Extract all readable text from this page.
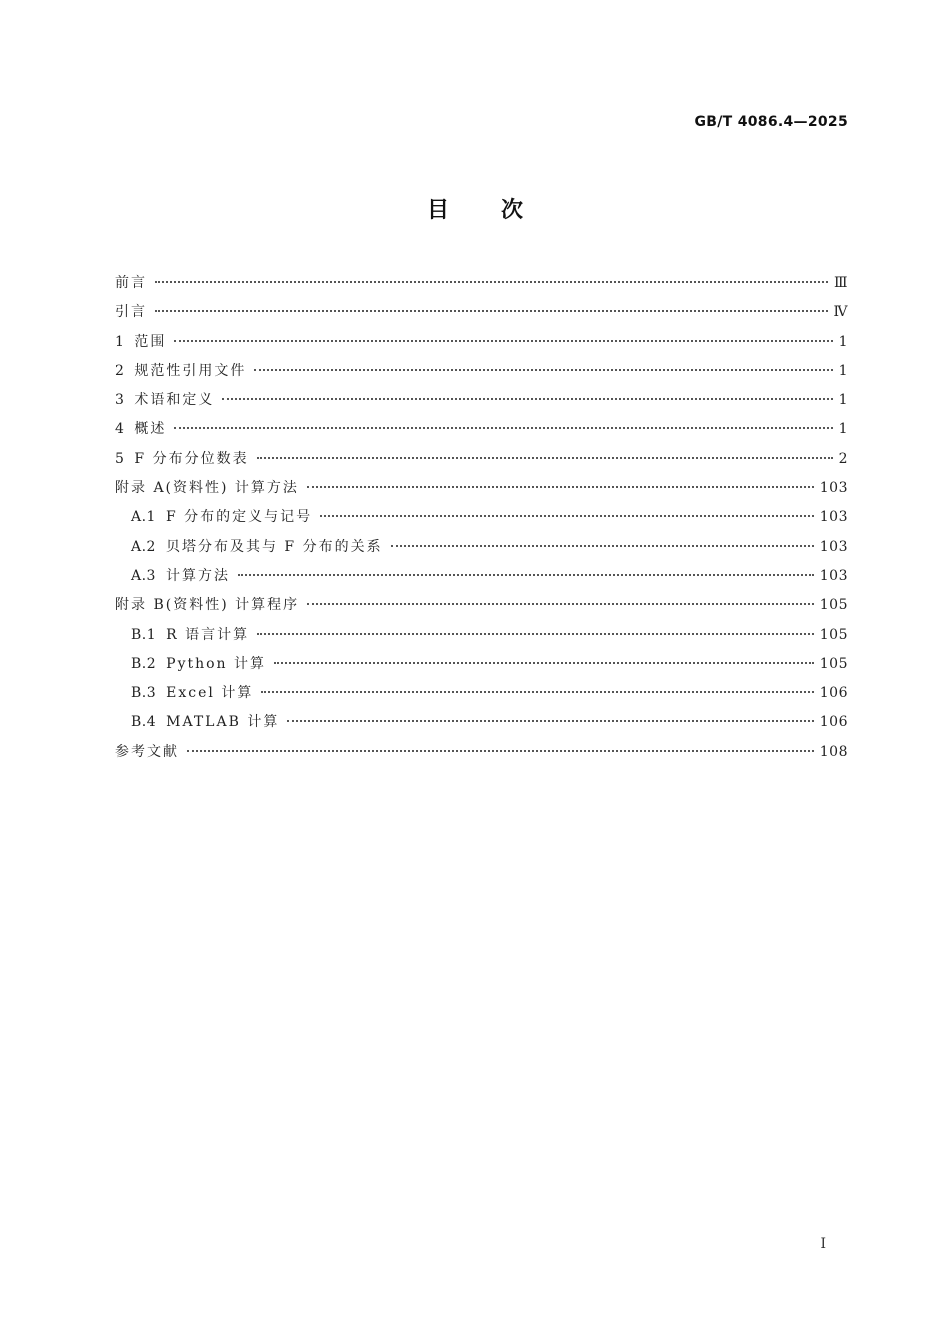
GB/T 4086.4—2025
目次
前言	Ⅲ
引言	Ⅳ
1 范围	1
2 规范性引用文件	1
3 术语和定义	1
4 概述	1
5 F 分布分位数表	2
附录 A(资料性) 计算方法	103
A.1 F 分布的定义与记号	103
A.2 贝塔分布及其与 F 分布的关系	103
A.3 计算方法	103
附录 B(资料性) 计算程序	105
B.1 R 语言计算	105
B.2 Python 计算	105
B.3 Excel 计算	106
B.4 MATLAB 计算	106
参考文献	108
I
